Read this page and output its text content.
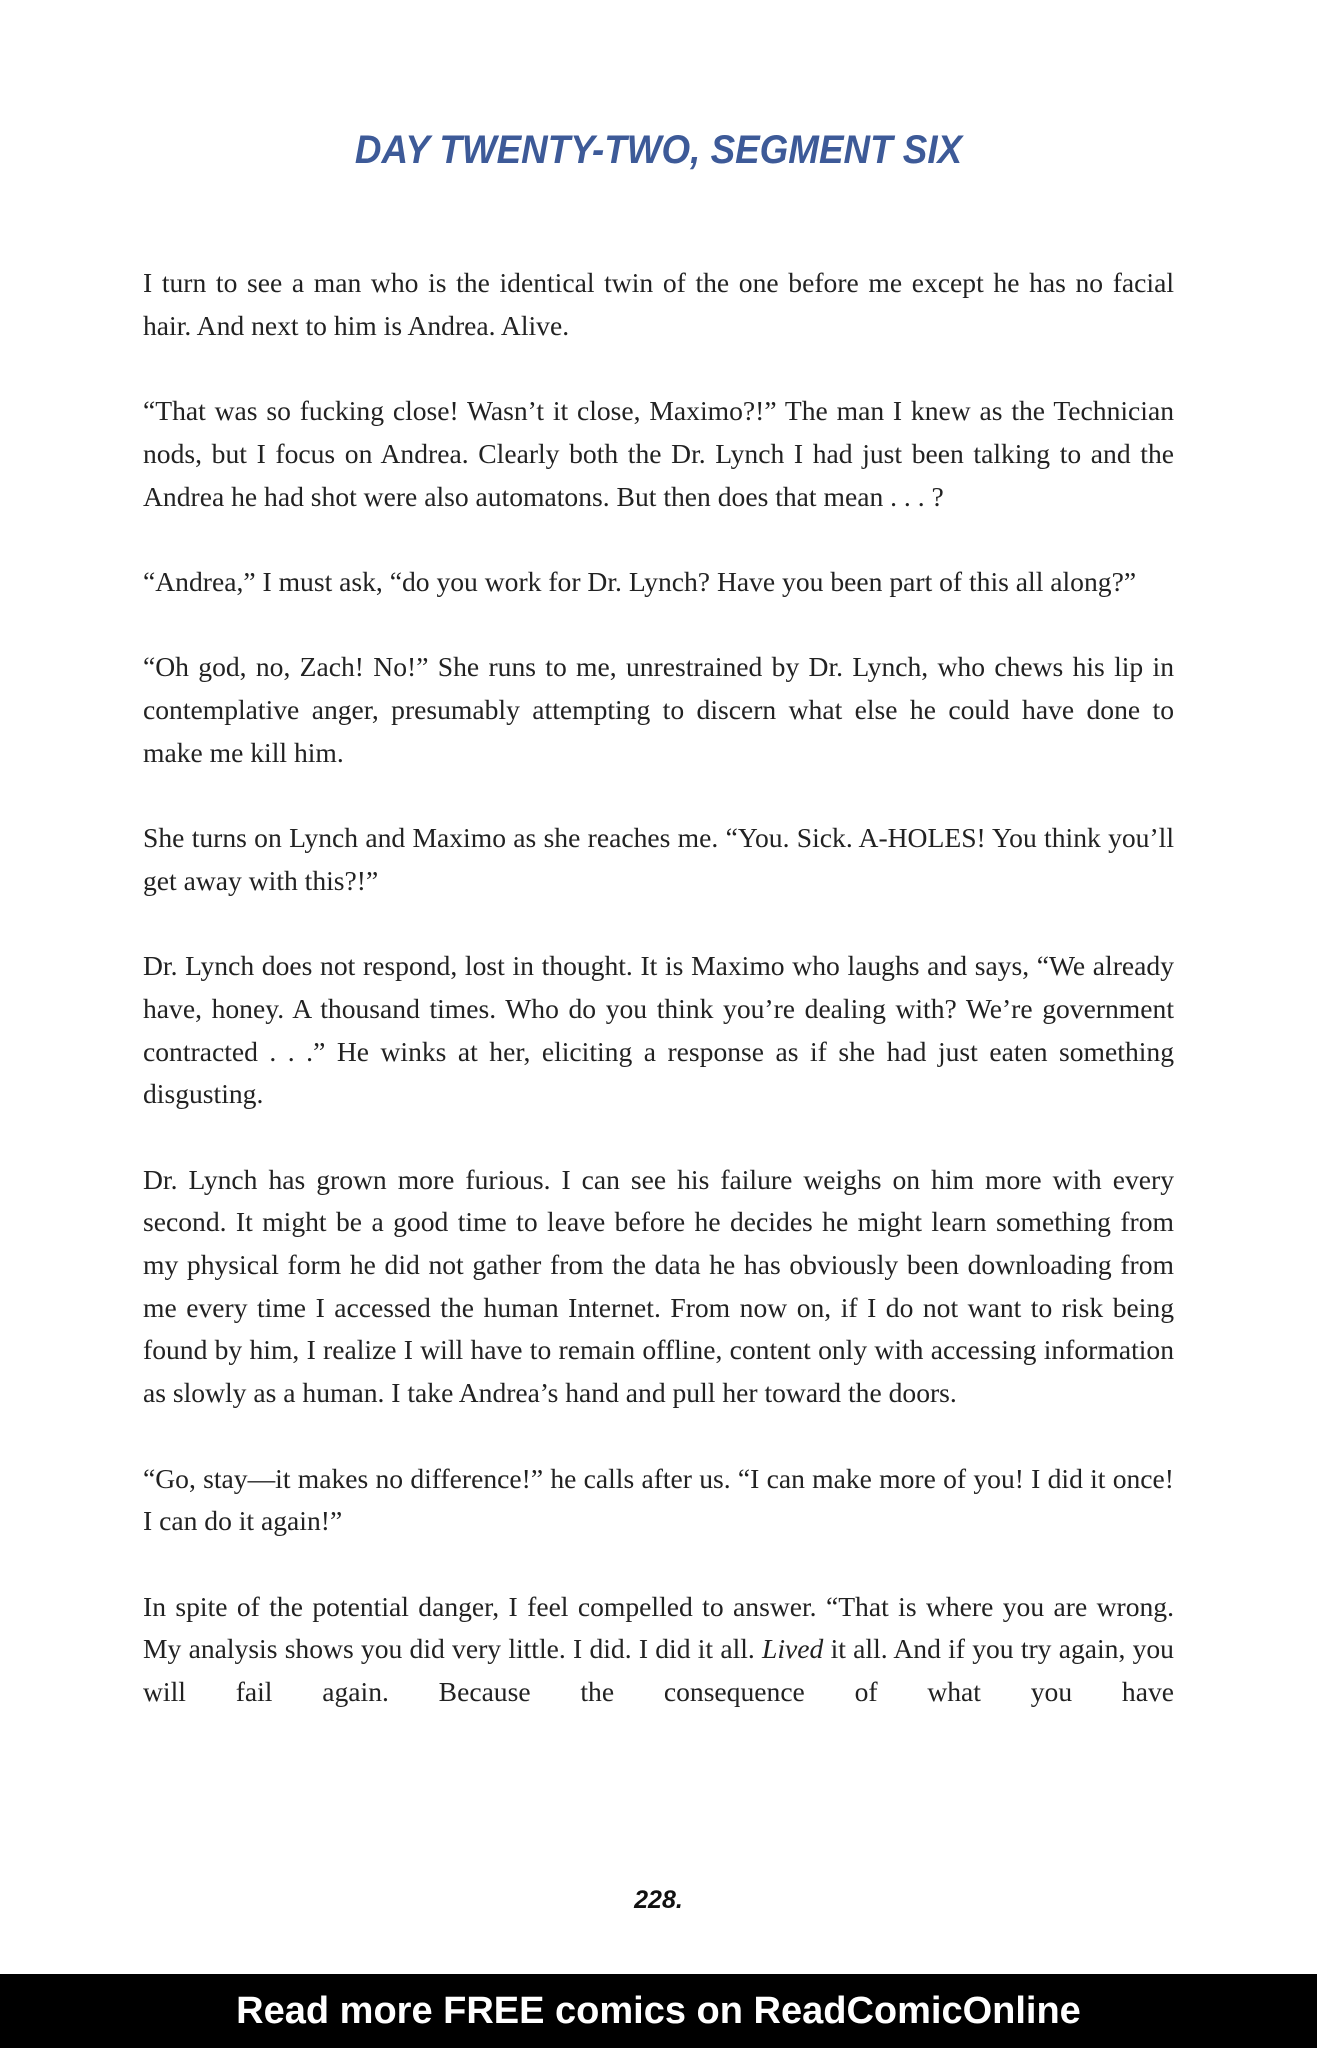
DAY TWENTY-TWO, SEGMENT SIX

I turn to see a man who is the identical twin of the one before me except he has no facial hair. And next to him is Andrea. Alive.

“That was so fucking close! Wasn’t it close, Maximo?!” The man I knew as the Technician nods, but I focus on Andrea. Clearly both the Dr. Lynch I had just been talking to and the Andrea he had shot were also automatons. But then does that mean . . . ?

“Andrea,” I must ask, “do you work for Dr. Lynch? Have you been part of this all along?”

“Oh god, no, Zach! No!” She runs to me, unrestrained by Dr. Lynch, who chews his lip in contemplative anger, presumably attempting to discern what else he could have done to make me kill him.

She turns on Lynch and Maximo as she reaches me. “You. Sick. A-HOLES! You think you’ll get away with this?!”

Dr. Lynch does not respond, lost in thought. It is Maximo who laughs and says, “We already have, honey. A thousand times. Who do you think you’re dealing with? We’re government contracted . . .” He winks at her, eliciting a response as if she had just eaten something disgusting.

Dr. Lynch has grown more furious. I can see his failure weighs on him more with every second. It might be a good time to leave before he decides he might learn something from my physical form he did not gather from the data he has obviously been downloading from me every time I accessed the human Internet. From now on, if I do not want to risk being found by him, I realize I will have to remain offline, content only with accessing information as slowly as a human. I take Andrea’s hand and pull her toward the doors.

“Go, stay—it makes no difference!” he calls after us. “I can make more of you! I did it once! I can do it again!”

In spite of the potential danger, I feel compelled to answer. “That is where you are wrong. My analysis shows you did very little. I did. I did it all. Lived it all. And if you try again, you will fail again. Because the consequence of what you have

228.
Read more FREE comics on ReadComicOnline
